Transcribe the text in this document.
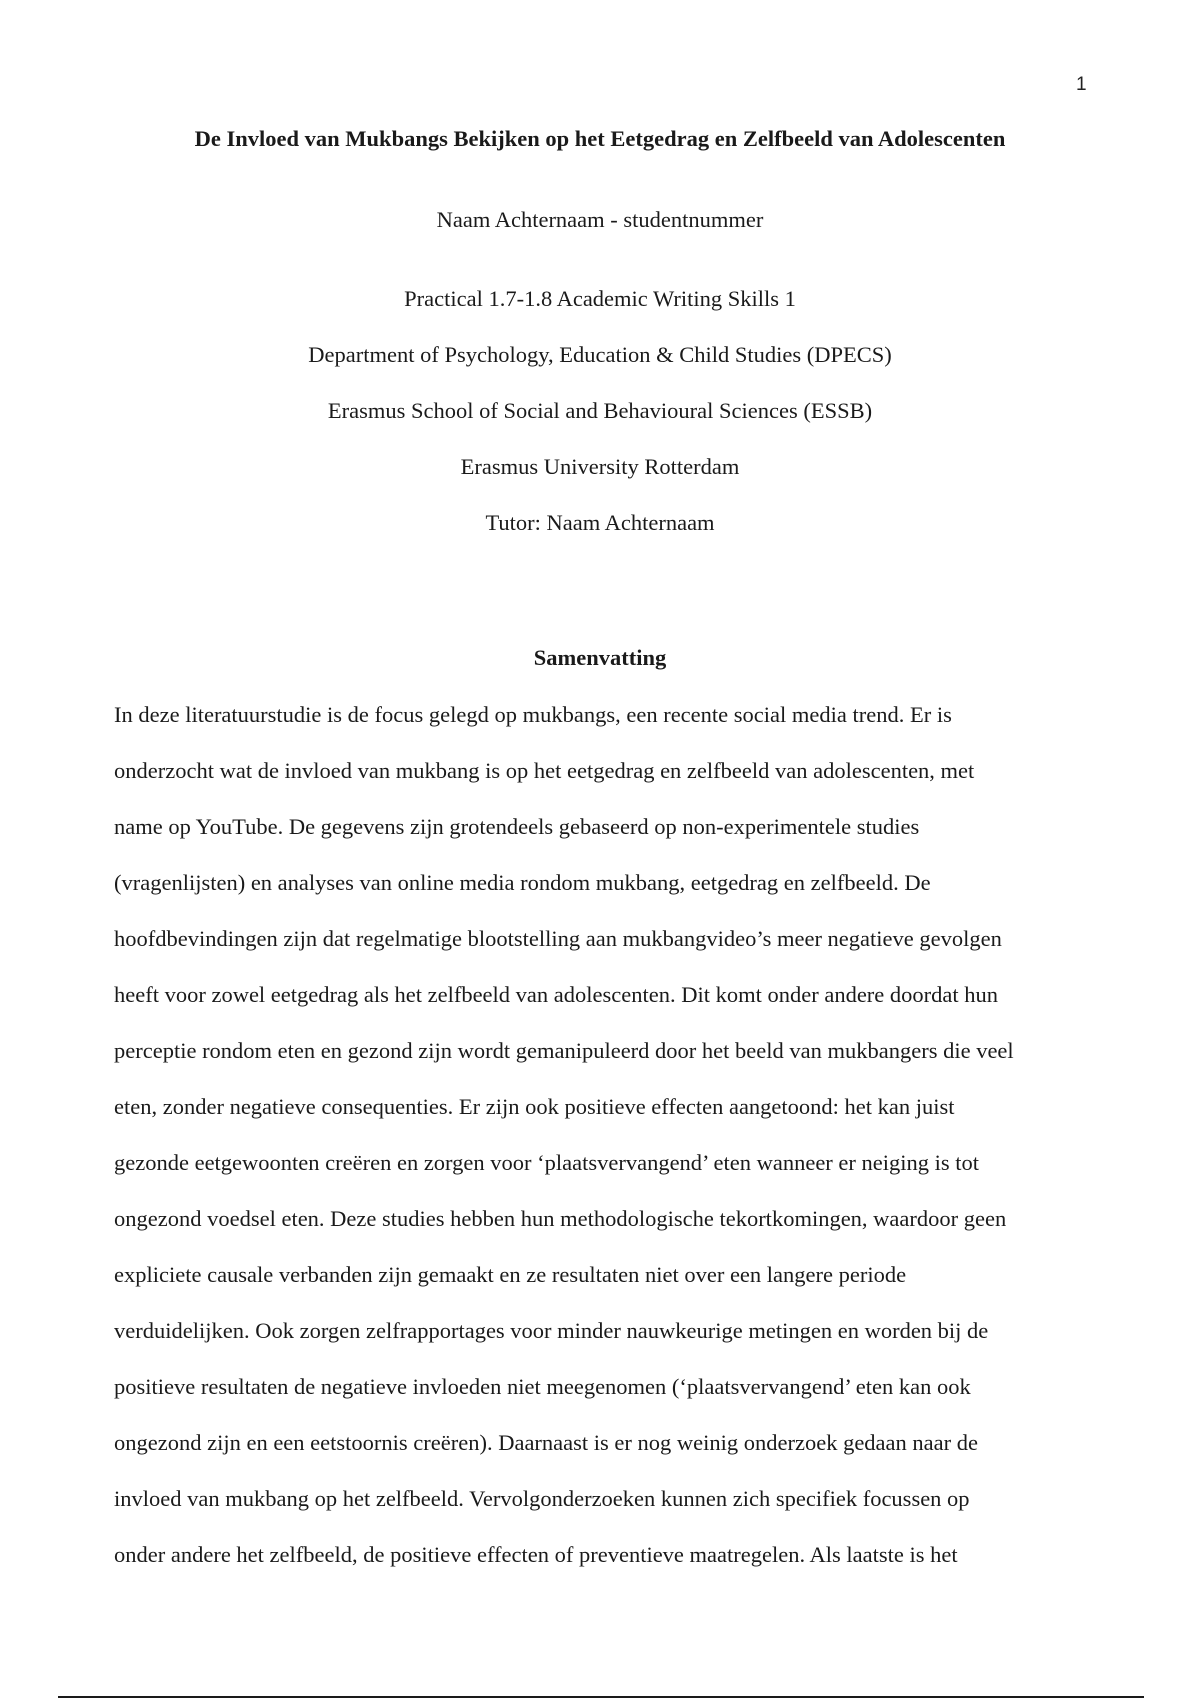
1
De Invloed van Mukbangs Bekijken op het Eetgedrag en Zelfbeeld van Adolescenten
Naam Achternaam - studentnummer
Practical 1.7-1.8 Academic Writing Skills 1
Department of Psychology, Education & Child Studies (DPECS)
Erasmus School of Social and Behavioural Sciences (ESSB)
Erasmus University Rotterdam
Tutor: Naam Achternaam
Samenvatting
In deze literatuurstudie is de focus gelegd op mukbangs, een recente social media trend. Er is
onderzocht wat de invloed van mukbang is op het eetgedrag en zelfbeeld van adolescenten, met
name op YouTube. De gegevens zijn grotendeels gebaseerd op non-experimentele studies
(vragenlijsten) en analyses van online media rondom mukbang, eetgedrag en zelfbeeld. De
hoofdbevindingen zijn dat regelmatige blootstelling aan mukbangvideo’s meer negatieve gevolgen
heeft voor zowel eetgedrag als het zelfbeeld van adolescenten. Dit komt onder andere doordat hun
perceptie rondom eten en gezond zijn wordt gemanipuleerd door het beeld van mukbangers die veel
eten, zonder negatieve consequenties. Er zijn ook positieve effecten aangetoond: het kan juist
gezonde eetgewoonten creëren en zorgen voor ‘plaatsvervangend’ eten wanneer er neiging is tot
ongezond voedsel eten. Deze studies hebben hun methodologische tekortkomingen, waardoor geen
expliciete causale verbanden zijn gemaakt en ze resultaten niet over een langere periode
verduidelijken. Ook zorgen zelfrapportages voor minder nauwkeurige metingen en worden bij de
positieve resultaten de negatieve invloeden niet meegenomen (‘plaatsvervangend’ eten kan ook
ongezond zijn en een eetstoornis creëren). Daarnaast is er nog weinig onderzoek gedaan naar de
invloed van mukbang op het zelfbeeld. Vervolgonderzoeken kunnen zich specifiek focussen op
onder andere het zelfbeeld, de positieve effecten of preventieve maatregelen. Als laatste is het
